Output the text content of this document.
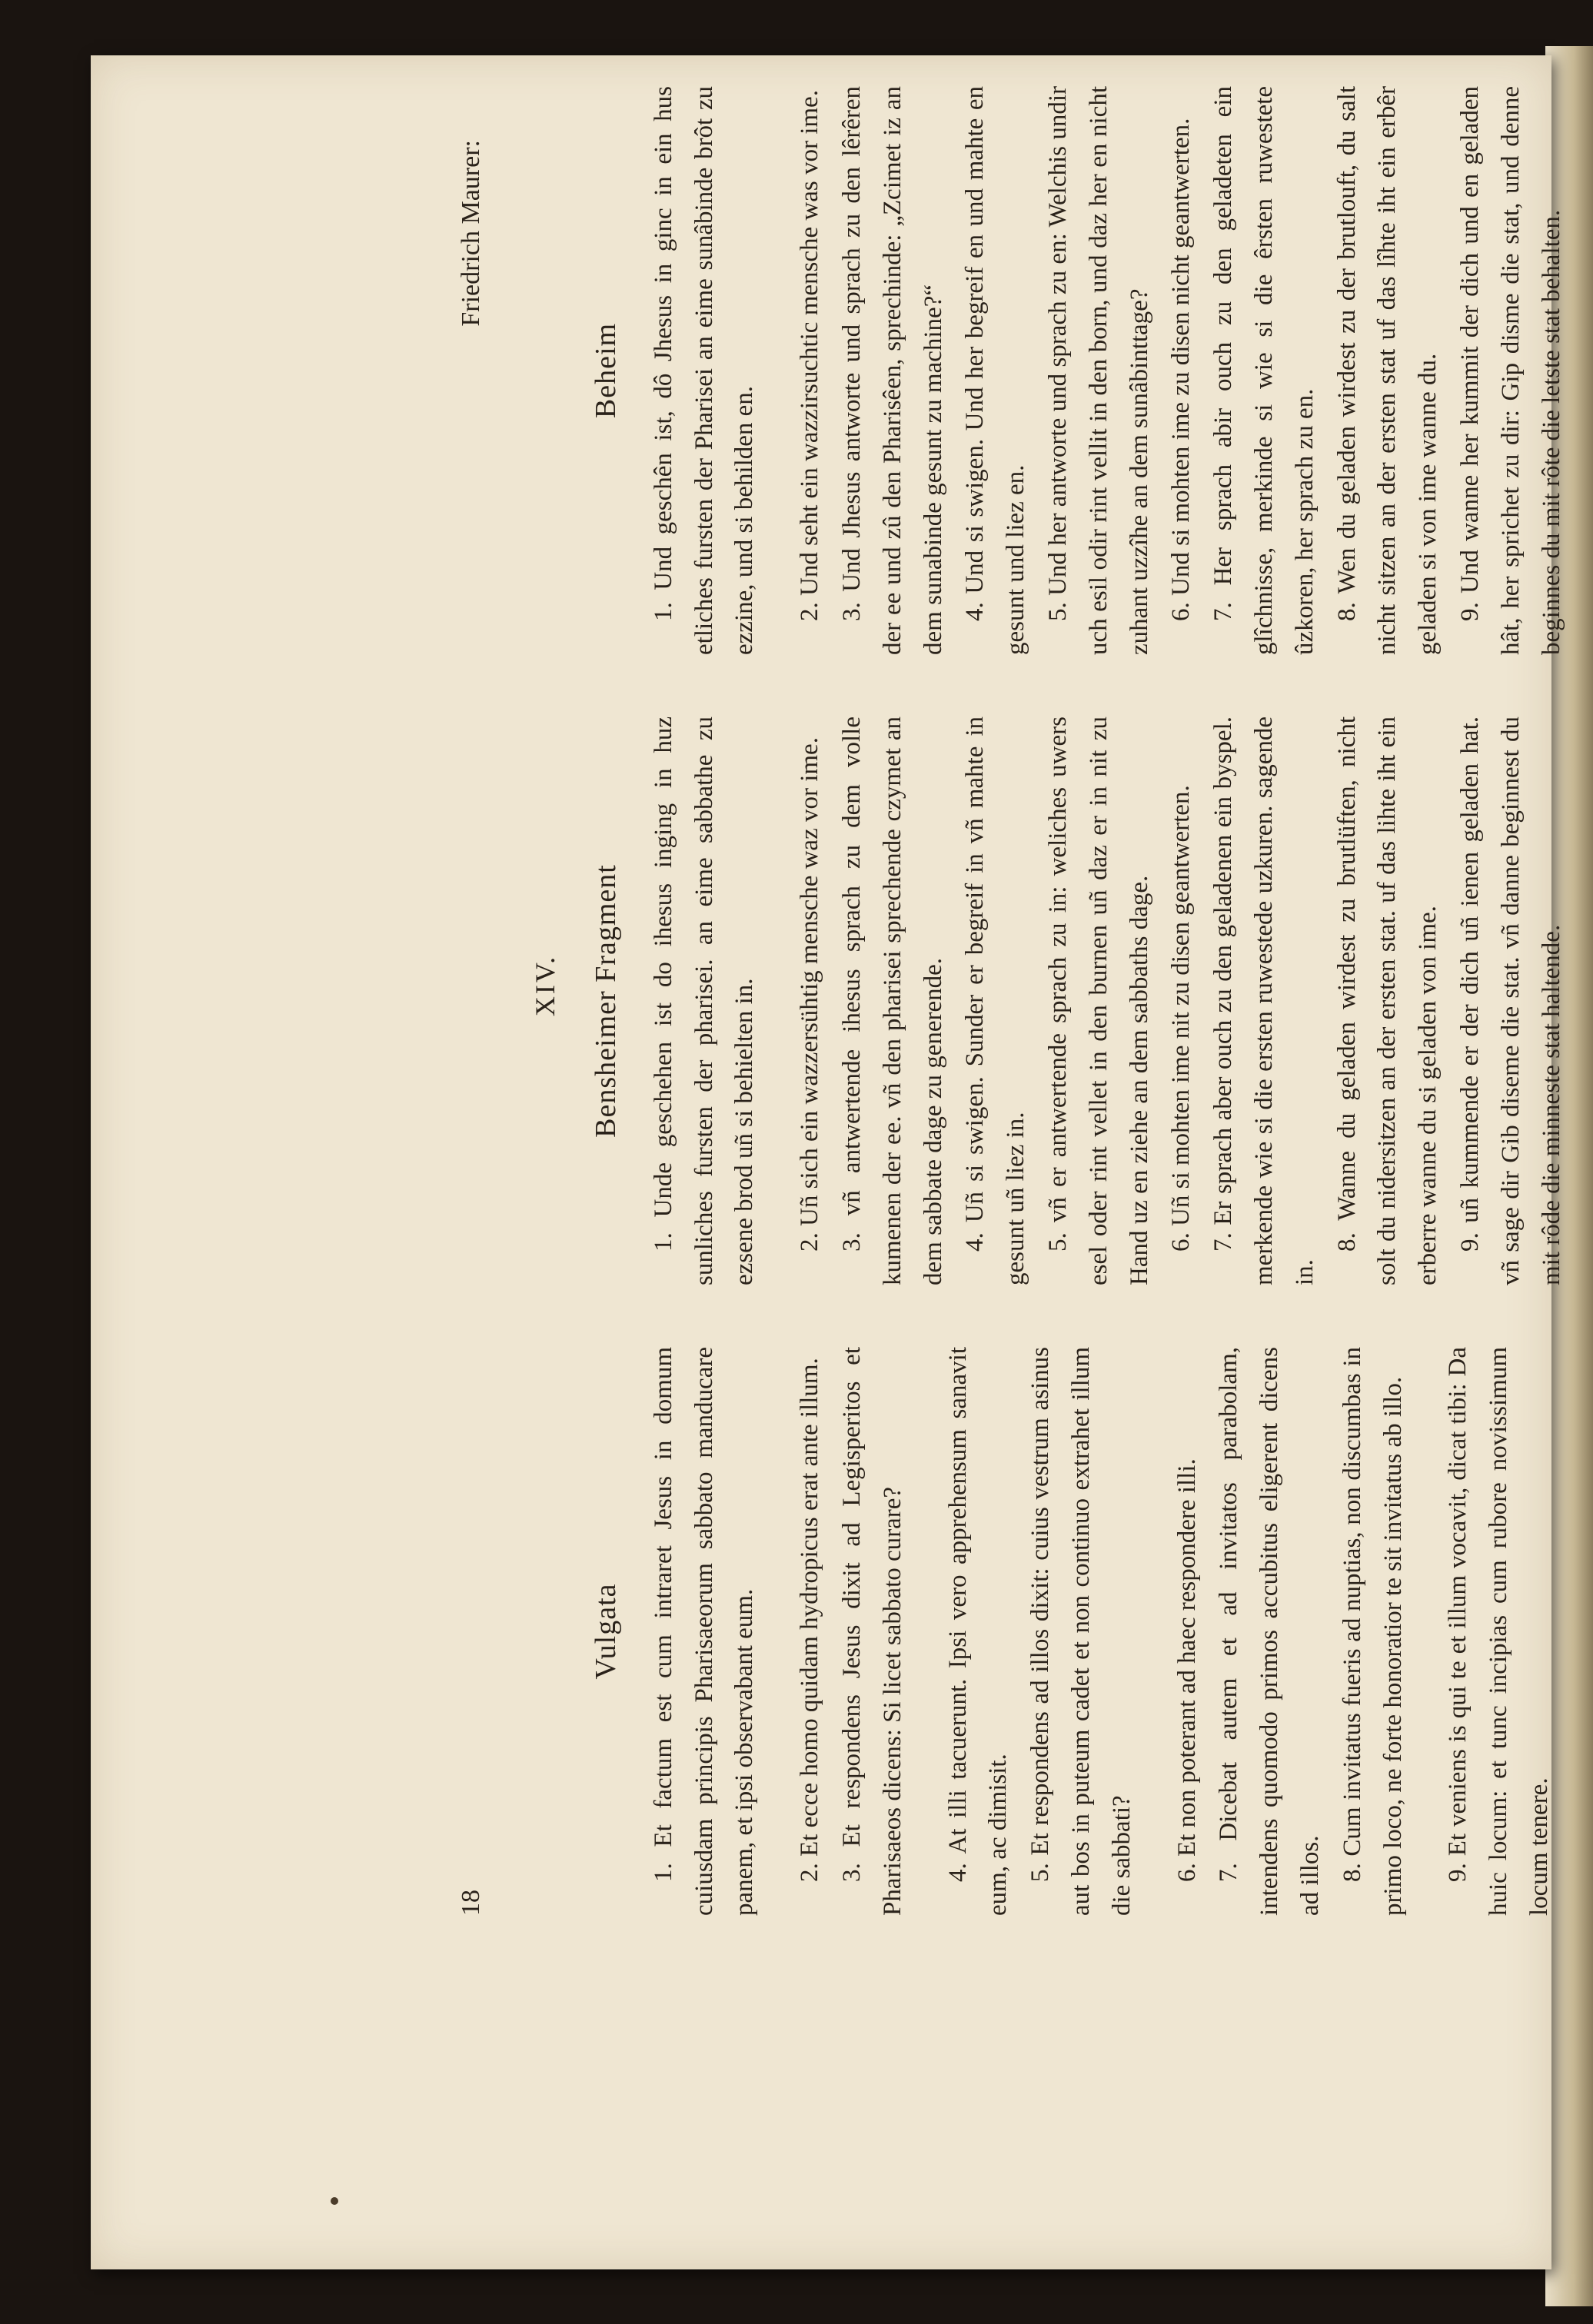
18
Friedrich Maurer:
XIV.
Vulgata 1. Et factum est cum intraret Jesus in domum cuiusdam principis Pharisaeorum sabbato manducare panem, et ipsi observabant eum. 2. Et ecce homo quidam hydropicus erat ante illum. 3. Et respondens Jesus dixit ad Legisperitos et Pharisaeos dicens: Si licet sabbato curare? 4. At illi tacuerunt. Ipsi vero apprehensum sanavit eum, ac dimisit. 5. Et respondens ad illos dixit: cuius vestrum asinus aut bos in puteum cadet et non continuo extrahet illum die sabbati? 6. Et non poterant ad haec respondere illi. 7. Dicebat autem et ad invitatos parabolam, intendens quomodo primos accubitus eligerent dicens ad illos. 8. Cum invitatus fueris ad nuptias, non discumbas in primo loco, ne forte honoratior te sit invitatus ab illo. 9. Et veniens is qui te et illum vocavit, dicat tibi: Da huic locum: et tunc incipias cum rubore novissimum locum tenere.

Bensheimer Fragment 1. Unde geschehen ist do ihesus inging in huz sunliches fursten der pharisei. an eime sabbathe zu ezsene brod uñ si behielten in. 2. Uñ sich ein wazzersühtig mensche waz vor ime. 3. vñ antwertende ihesus sprach zu dem volle kumenen der ee. vñ den pharisei sprechende czymet an dem sabbate dage zu generende. 4. Uñ si swigen. Sunder er begreif in vñ mahte in gesunt uñ liez in. 5. vñ er antwertende sprach zu in: weliches uwers esel oder rint vellet in den burnen uñ daz er in nit zu Hand uz en ziehe an dem sabbaths dage. 6. Uñ si mohten ime nit zu disen geantwerten. 7. Er sprach aber ouch zu den geladenen ein byspel. merkende wie si die ersten ruwestede uzkuren. sagende in.

8. Wanne du geladen wirdest zu brutlüften, nicht solt du nidersitzen an der ersten stat. uf das lihte iht ein erberre wanne du si geladen von ime. 9. uñ kummende er der dich uñ ienen geladen hat. vñ sage dir Gib diseme die stat. vñ danne beginnest du mit rôde die minneste stat haltende.

Beheim 1. Und geschên ist, dô Jhesus in ginc in ein hus etliches fursten der Pharisei an eime sunâbinde brôt zu ezzine, und si behilden en. 2. Und seht ein wazzirsuchtic mensche was vor ime. 3. Und Jhesus antworte und sprach zu den lêrêren der ee und zû den Pharisêen, sprechinde: „Zcimet iz an dem sunabinde gesunt zu machine?“ 4. Und si swigen. Und her begreif en und mahte en gesunt und liez en. 5. Und her antworte und sprach zu en: Welchis undir uch esil odir rint vellit in den born, und daz her en nicht zuhant uzzîhe an dem sunâbinttage? 6. Und si mohten ime zu disen nicht geantwerten. 7. Her sprach abir ouch zu den geladeten ein glîchnisse, merkinde si wie si die êrsten ruwestete ûzkoren, her sprach zu en. 8. Wen du geladen wirdest zu der brutlouft, du salt nicht sitzen an der ersten stat uf das lîhte iht ein erbêr geladen si von ime wanne du. 9. Und wanne her kummit der dich und en geladen hât, her sprichet zu dir: Gip disme die stat, und denne beginnes du mit rôte die letste stat behalten.
